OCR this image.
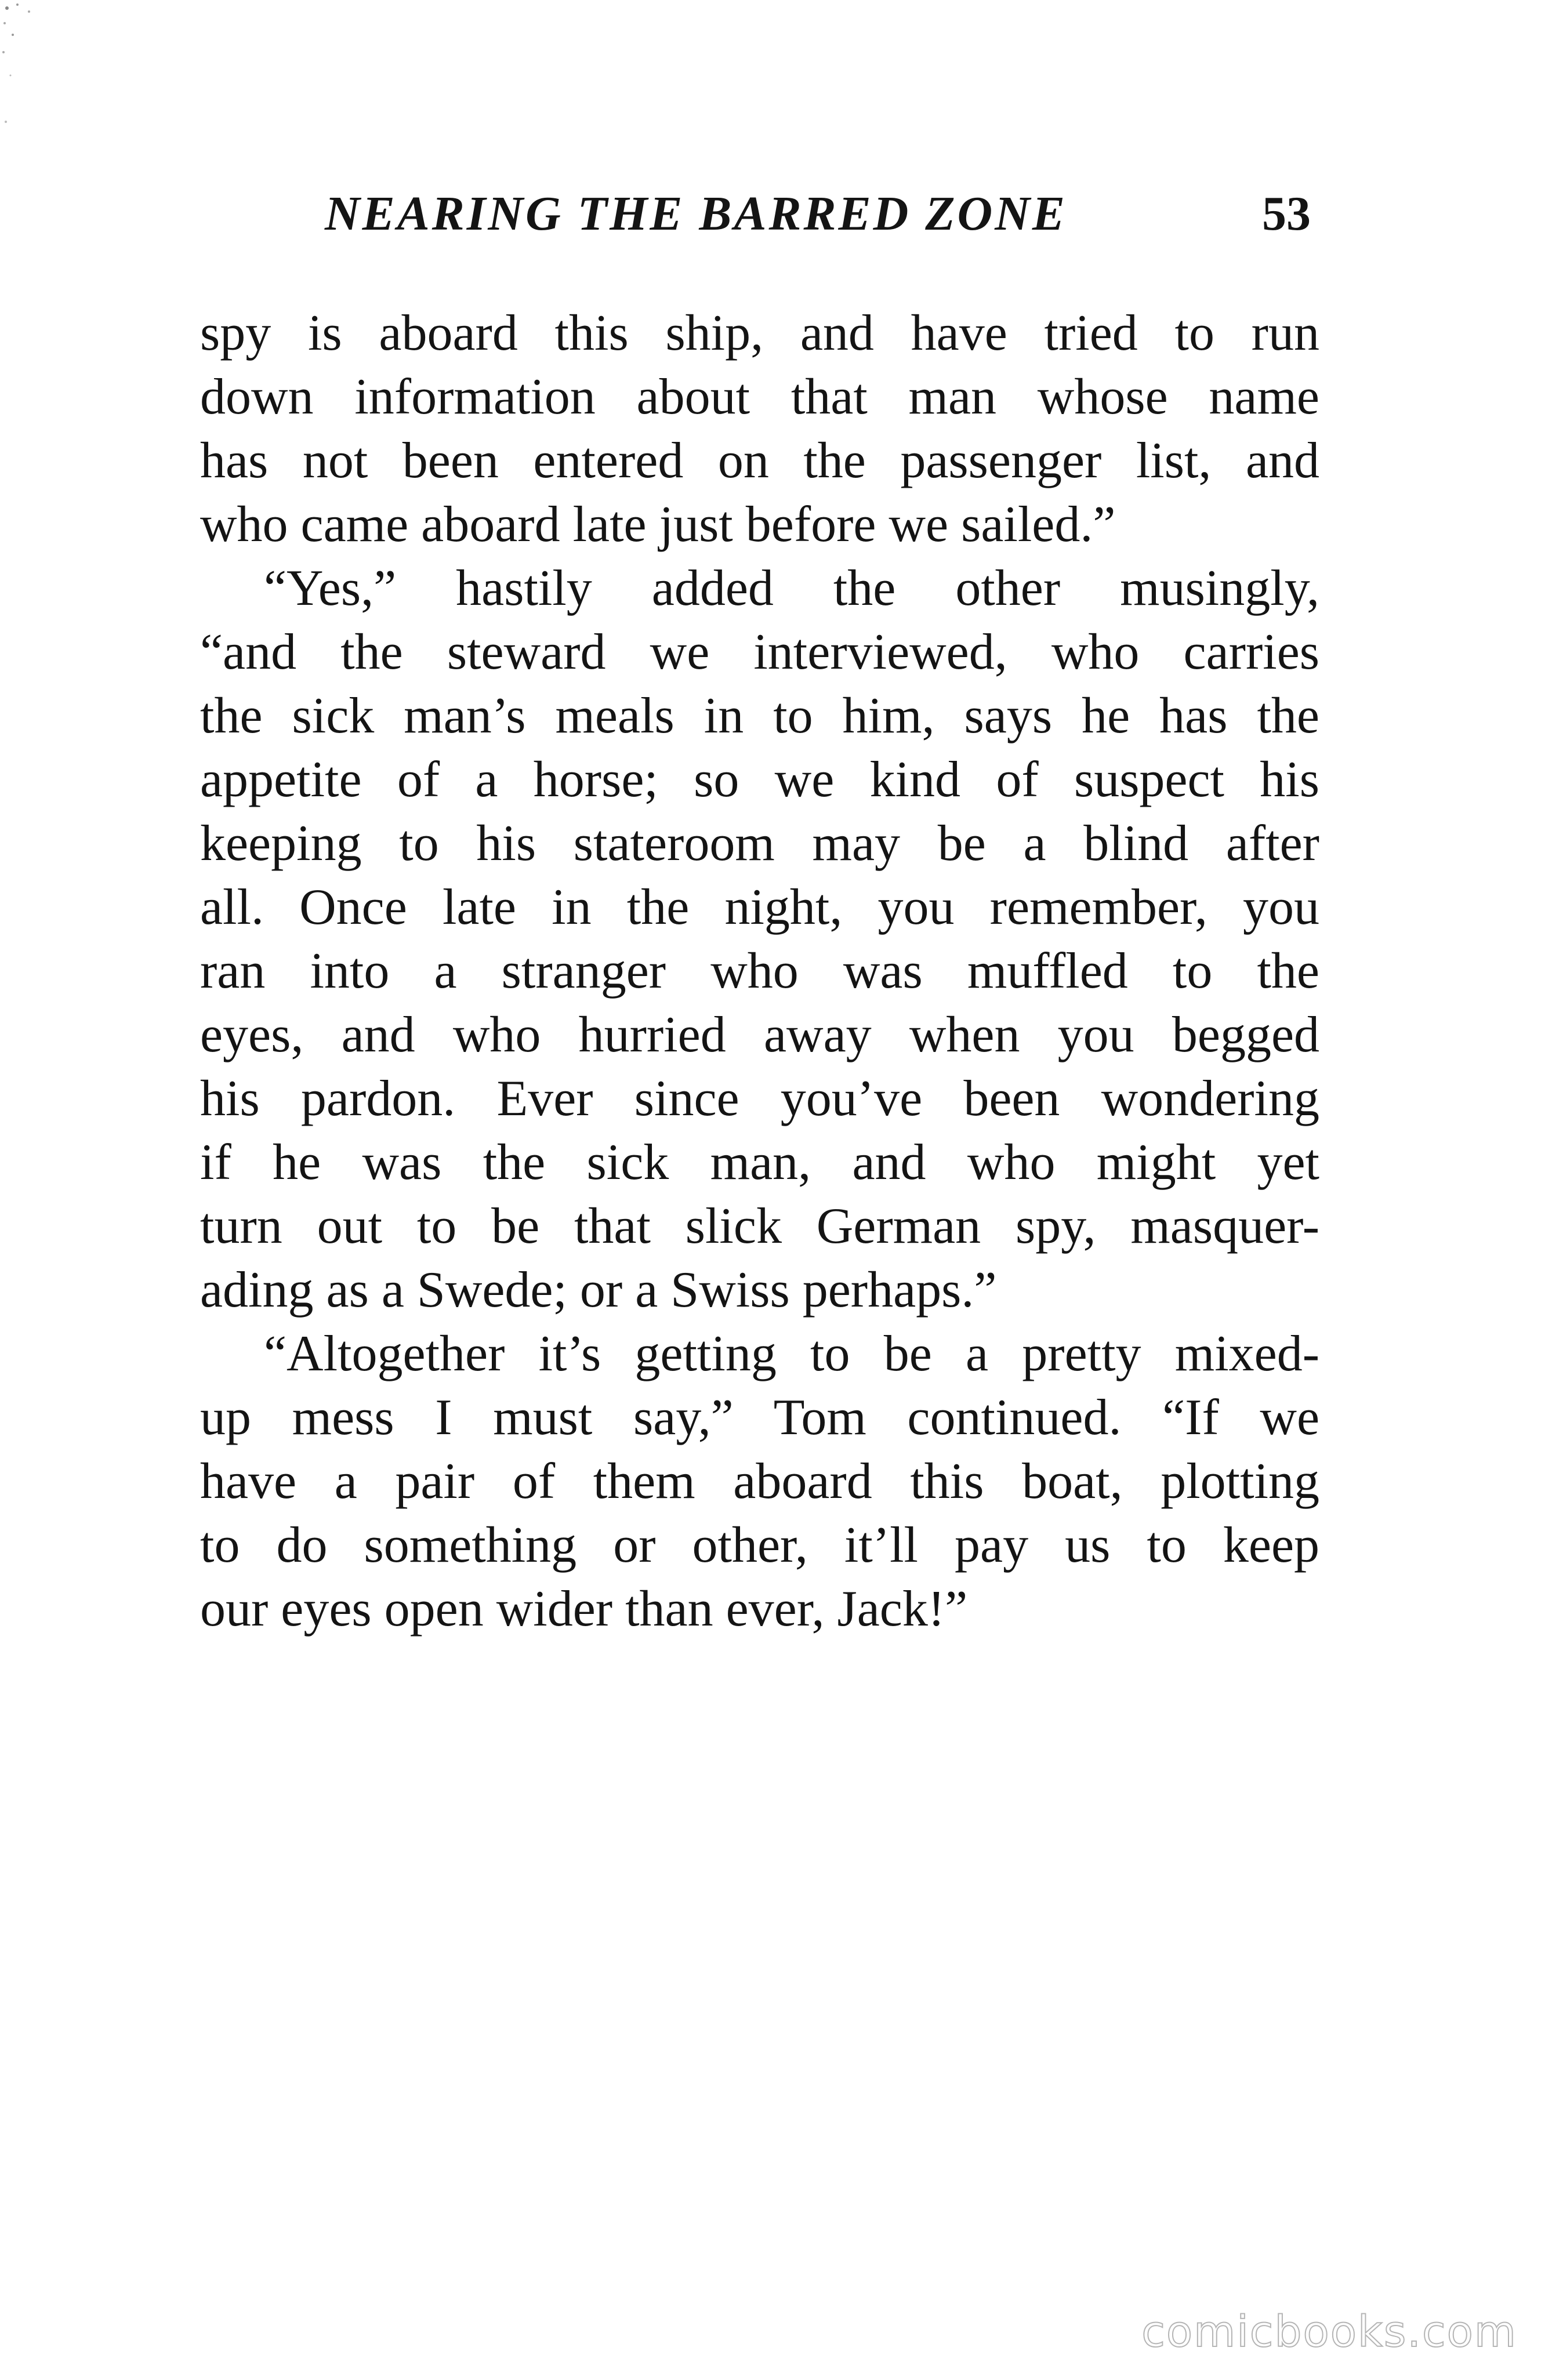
NEARING THE BARRED ZONE	53
spy is aboard this ship, and have tried to run
down information about that man whose name
has not been entered on the passenger list, and
who came aboard late just before we sailed.”
“Yes,” hastily added the other musingly,
“and the steward we interviewed, who carries
the sick man’s meals in to him, says he has the
appetite of a horse; so we kind of suspect his
keeping to his stateroom may be a blind after
all. Once late in the night, you remember, you
ran into a stranger who was muffled to the
eyes, and who hurried away when you begged
his pardon. Ever since you’ve been wondering
if he was the sick man, and who might yet
turn out to be that slick German spy, masquer-
ading as a Swede; or a Swiss perhaps.”
“Altogether it’s getting to be a pretty mixed-
up mess I must say,” Tom continued. “If we
have a pair of them aboard this boat, plotting
to do something or other, it’ll pay us to keep
our eyes open wider than ever, Jack!”
comicbooks.com
